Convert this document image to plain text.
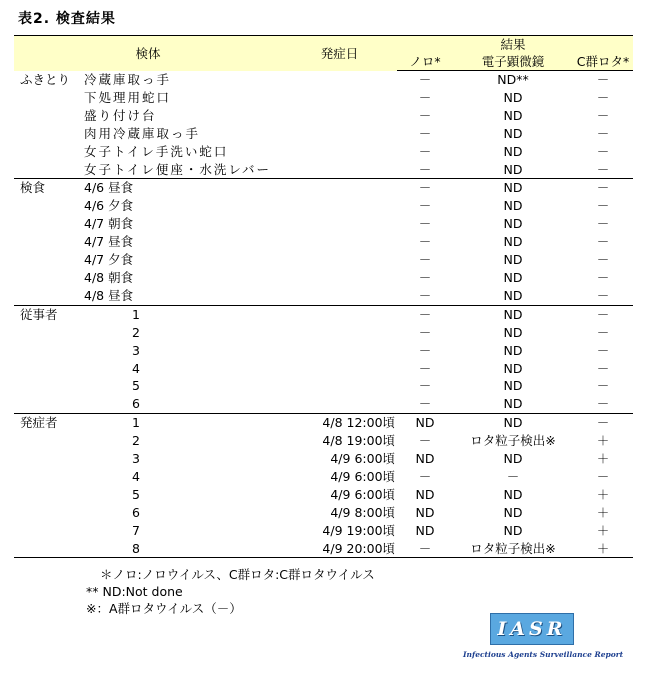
表2. 検査結果
検体			発症日		結果	
				ノロ*	電子顕微鏡	C群ロタ*
ふきとり	冷蔵庫取っ手			－	ND**	－
	下処理用蛇口			－	ND	－
	盛り付け台			－	ND	－
	肉用冷蔵庫取っ手			－	ND	－
	女子トイレ手洗い蛇口			－	ND	－
	女子トイレ便座・水洗レバー			－	ND	－
検食	4/6 昼食			－	ND	－
	4/6 夕食			－	ND	－
	4/7 朝食			－	ND	－
	4/7 昼食			－	ND	－
	4/7 夕食			－	ND	－
	4/8 朝食			－	ND	－
	4/8 昼食			－	ND	－
従事者	1			－	ND	－
	2			－	ND	－
	3			－	ND	－
	4			－	ND	－
	5			－	ND	－
	6			－	ND	－
発症者	1		4/8 12:00頃	ND	ND	－
	2		4/8 19:00頃	－	ロタ粒子検出※	＋
	3		4/9 6:00頃	ND	ND	＋
	4		4/9 6:00頃	－	－	－
	5		4/9 6:00頃	ND	ND	＋
	6		4/9 8:00頃	ND	ND	＋
	7		4/9 19:00頃	ND	ND	＋
	8		4/9 20:00頃	－	ロタ粒子検出※	＋
＊ノロ:ノロウイルス、C群ロタ:C群ロタウイルス
** ND:Not done
※：A群ロタウイルス（－）
IASR
Infectious Agents Surveillance Report
